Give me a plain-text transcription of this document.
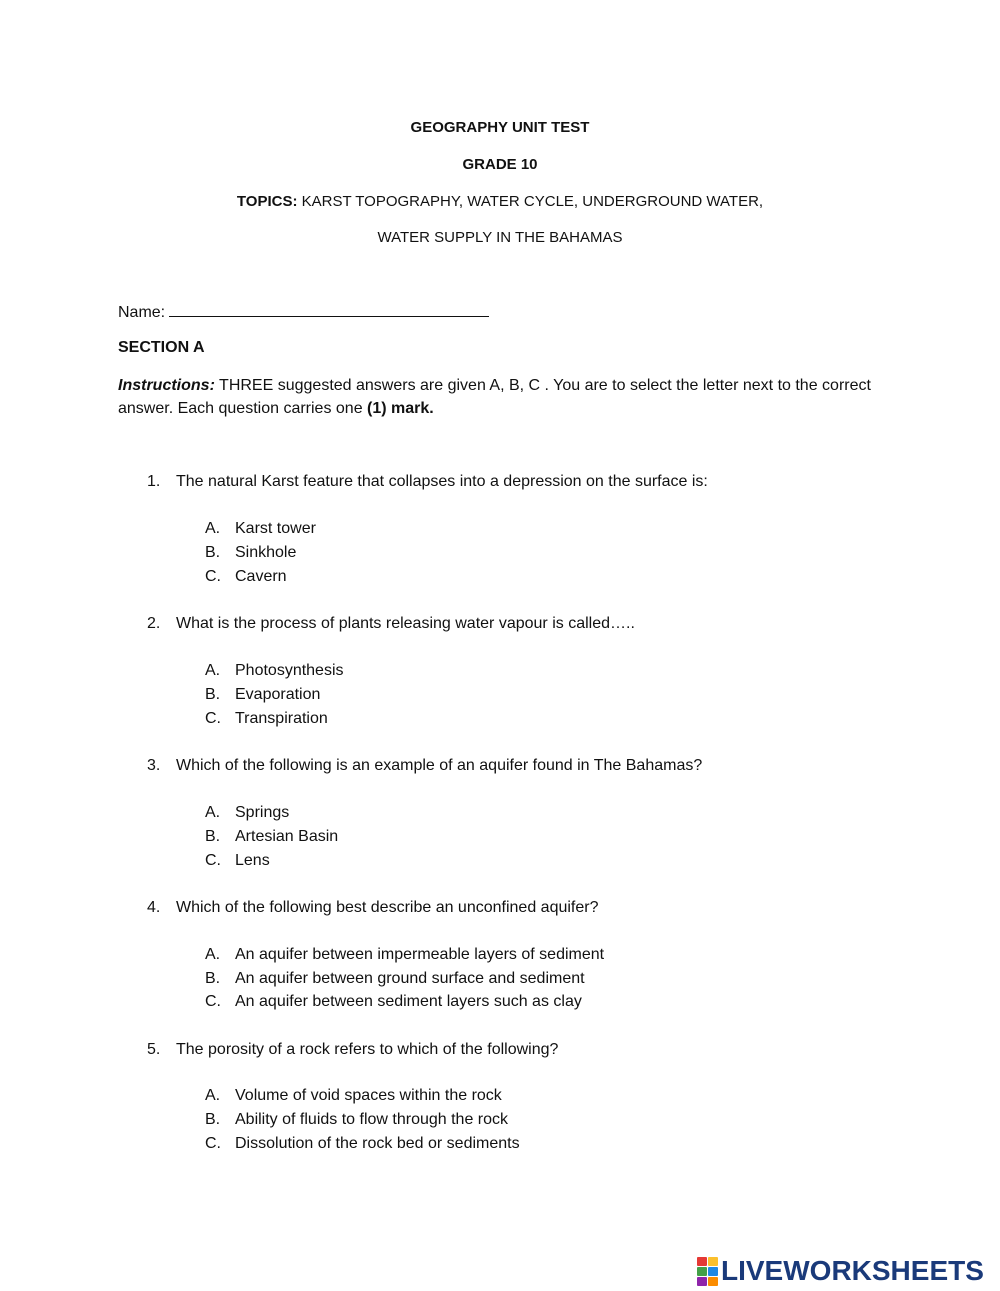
GEOGRAPHY UNIT TEST
GRADE 10
TOPICS: KARST TOPOGRAPHY, WATER CYCLE, UNDERGROUND WATER,
WATER SUPPLY IN THE BAHAMAS
Name:
SECTION A
Instructions: THREE suggested answers are given A, B, C . You are to select the letter next to the correct answer. Each question carries one (1) mark.
1. The natural Karst feature that collapses into a depression on the surface is:
A. Karst tower
B. Sinkhole
C. Cavern
2. What is the process of plants releasing water vapour is called…..
A. Photosynthesis
B. Evaporation
C. Transpiration
3. Which of the following is an example of an aquifer found in The Bahamas?
A. Springs
B. Artesian Basin
C. Lens
4. Which of the following best describe an unconfined aquifer?
A. An aquifer between impermeable layers of sediment
B. An aquifer between ground surface and sediment
C. An aquifer between sediment layers such as clay
5. The porosity of a rock refers to which of the following?
A. Volume of void spaces within the rock
B. Ability of fluids to flow through the rock
C. Dissolution of the rock bed or sediments
LIVEWORKSHEETS
